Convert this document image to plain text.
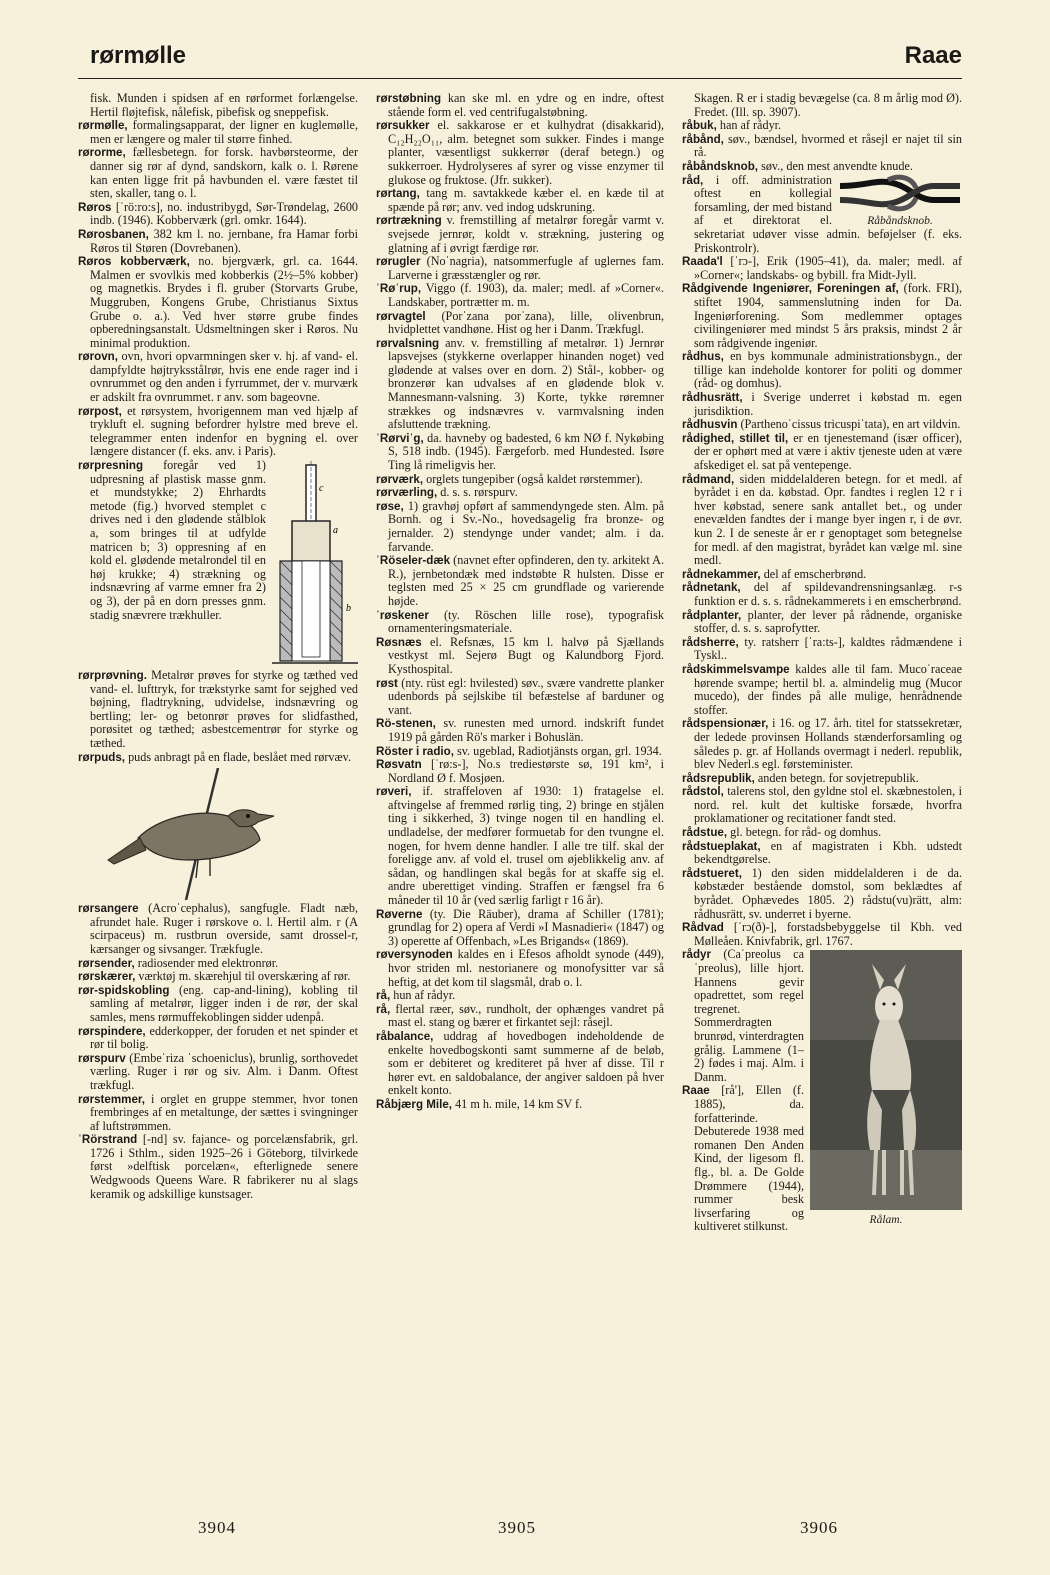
rørmølle	Raae

fisk. Munden i spidsen af en rørformet forlængelse. Hertil fløjtefisk, nålefisk, pibefisk og sneppefisk.

rørmølle, formalingsapparat, der ligner en kuglemølle, men er længere og maler til større finhed.

rørorme, fællesbetegn. for forsk. havbørsteorme, der danner sig rør af dynd, sandskorn, kalk o. l. Rørene kan enten ligge frit på havbunden el. være fæstet til sten, skaller, tang o. l.

Røros [ˈrö:ro:s], no. industribygd, Sør-Trøndelag, 2600 indb. (1946). Kobberværk (grl. omkr. 1644).

Rørosbanen, 382 km l. no. jernbane, fra Hamar forbi Røros til Støren (Dovrebanen).

Røros kobberværk, no. bjergværk, grl. ca. 1644. Malmen er svovlkis med kobberkis (2½–5% kobber) og magnetkis. Brydes i fl. gruber (Storvarts Grube, Muggruben, Kongens Grube, Christianus Sixtus Grube o. a.). Ved hver større grube findes opberedningsanstalt. Udsmeltningen sker i Røros. Nu minimal produktion.

rørovn, ovn, hvori opvarmningen sker v. hj. af vand- el. dampfyldte højtryksstålrør, hvis ene ende rager ind i ovnrummet og den anden i fyrrummet, der v. murværk er adskilt fra ovnrummet. r anv. som bageovne.

rørpost, et rørsystem, hvorigennem man ved hjælp af trykluft el. sugning befordrer hylstre med breve el. telegrammer enten indenfor en bygning el. over længere distancer (f. eks. anv. i Paris).

c
a
b

rørpresning foregår ved 1) udpresning af plastisk masse gnm. et mundstykke; 2) Ehrhardts metode (fig.) hvorved stemplet c drives ned i den glødende stålblok a, som bringes til at udfylde matricen b; 3) oppresning af en kold el. glødende metalrondel til en høj krukke; 4) strækning og indsnævring af varme emner fra 2) og 3), der på en dorn presses gnm. stadig snævrere trækhuller.

rørprøvning. Metalrør prøves for styrke og tæthed ved vand- el. lufttryk, for trækstyrke samt for sejghed ved bøjning, fladtrykning, udvidelse, indsnævring og bertling; ler- og betonrør prøves for slidfasthed, porøsitet og tæthed; asbestcementrør for styrke og tæthed.

rørpuds, puds anbragt på en flade, beslået med rørvæv.

rørsangere (Acroˈcephalus), sangfugle. Fladt næb, afrundet hale. Ruger i rørskove o. l. Hertil alm. r (A scirpaceus) m. rustbrun overside, samt drossel-r, kærsanger og sivsanger. Trækfugle.

rørsender, radiosender med elektronrør.

rørskærer, værktøj m. skærehjul til overskæring af rør.

rør-spidskobling (eng. cap-and-lining), kobling til samling af metalrør, ligger inden i de rør, der skal samles, mens rørmuffekoblingen sidder udenpå.

rørspindere, edderkopper, der foruden et net spinder et rør til bolig.

rørspurv (Embeˈriza ˈschoeniclus), brunlig, sorthovedet værling. Ruger i rør og siv. Alm. i Danm. Oftest trækfugl.

rørstemmer, i orglet en gruppe stemmer, hvor tonen frembringes af en metaltunge, der sættes i svingninger af luftstrømmen.

ˈRörstrand [-nd] sv. fajance- og porcelænsfabrik, grl. 1726 i Sthlm., siden 1925–26 i Göteborg, tilvirkede først »delftisk porcelæn«, efterlignede senere Wedgwoods Queens Ware. R fabrikerer nu al slags keramik og adskillige kunstsager.

rørstøbning kan ske ml. en ydre og en indre, oftest stående form el. ved centrifugalstøbning.

rørsukker el. sakkarose er et kulhydrat (disakkarid), C₁₂H₂₂O₁₁, alm. betegnet som sukker. Findes i mange planter, væsentligst sukkerrør (deraf betegn.) og sukkerroer. Hydrolyseres af syrer og visse enzymer til glukose og fruktose. (Jfr. sukker).

rørtang, tang m. savtakkede kæber el. en kæde til at spænde på rør; anv. ved indog udskruning.

rørtrækning v. fremstilling af metalrør foregår varmt v. svejsede jernrør, koldt v. strækning, justering og glatning af i øvrigt færdige rør.

rørugler (Noˈnagria), natsommerfugle af uglernes fam. Larverne i græsstængler og rør.

ˈRøˈrup, Viggo (f. 1903), da. maler; medl. af »Corner«. Landskaber, portrætter m. m.

rørvagtel (Porˈzana porˈzana), lille, olivenbrun, hvidplettet vandhøne. Hist og her i Danm. Trækfugl.

rørvalsning anv. v. fremstilling af metalrør. 1) Jernrør lapsvejses (stykkerne overlapper hinanden noget) ved glødende at valses over en dorn. 2) Stål-, kobber- og bronzerør kan udvalses af en glødende blok v. Mannesmann-valsning. 3) Korte, tykke røremner strækkes og indsnævres v. varmvalsning inden afsluttende trækning.

ˈRørviˈg, da. havneby og badested, 6 km NØ f. Nykøbing S, 518 indb. (1945). Færgeforb. med Hundested. Isøre Ting lå rimeligvis her.

rørværk, orglets tungepiber (også kaldet rørstemmer).

rørværling, d. s. s. rørspurv.

røse, 1) gravhøj opført af sammendyngede sten. Alm. på Bornh. og i Sv.-No., hovedsagelig fra bronze- og jernalder. 2) stendynge under vandet; alm. i da. farvande.

ˈRöseler-dæk (navnet efter opfinderen, den ty. arkitekt A. R.), jernbetondæk med indstøbte R hulsten. Disse er teglsten med 25 × 25 cm grundflade og varierende højde.

ˈrøskener (ty. Röschen lille rose), typografisk ornamenteringsmateriale.

Røsnæs el. Refsnæs, 15 km l. halvø på Sjællands vestkyst ml. Sejerø Bugt og Kalundborg Fjord. Kysthospital.

røst (nty. rüst egl: hvilested) søv., svære vandrette planker udenbords på sejlskibe til befæstelse af barduner og vant.

Rö-stenen, sv. runesten med urnord. indskrift fundet 1919 på gården Rö's marker i Bohuslän.

Röster i radio, sv. ugeblad, Radiotjänsts organ, grl. 1934.

Røsvatn [ˈrø:s-], No.s trediestørste sø, 191 km², i Nordland Ø f. Mosjøen.

røveri, if. straffeloven af 1930: 1) fratagelse el. aftvingelse af fremmed rørlig ting, 2) bringe en stjålen ting i sikkerhed, 3) tvinge nogen til en handling el. undladelse, der medfører formuetab for den tvungne el. nogen, for hvem denne handler. I alle tre tilf. skal der foreligge anv. af vold el. trusel om øjeblikkelig anv. af sådan, og handlingen skal begås for at skaffe sig el. andre uberettiget vinding. Straffen er fængsel fra 6 måneder til 10 år (ved særlig farligt r 16 år).

Røverne (ty. Die Räuber), drama af Schiller (1781); grundlag for 2) opera af Verdi »I Masnadieri« (1847) og 3) operette af Offenbach, »Les Brigands« (1869).

røversynoden kaldes en i Efesos afholdt synode (449), hvor striden ml. nestorianere og monofysitter var så heftig, at det kom til slagsmål, drab o. l.

rå, hun af rådyr.

rå, flertal ræer, søv., rundholt, der ophænges vandret på mast el. stang og bærer et firkantet sejl: råsejl.

råbalance, uddrag af hovedbogen indeholdende de enkelte hovedbogskonti samt summerne af de beløb, som er debiteret og krediteret på hver af disse. Til r hører evt. en saldobalance, der angiver saldoen på hver enkelt konto.

Råbjærg Mile, 41 m h. mile, 14 km SV f.

Skagen. R er i stadig bevægelse (ca. 8 m årlig mod Ø). Fredet. (Ill. sp. 3907).

råbuk, han af rådyr.

råbånd, søv., bændsel, hvormed et råsejl er najet til sin rå.

råbåndsknob, søv., den mest anvendte knude.

Råbåndsknob.

råd, i off. administration oftest en kollegial forsamling, der med bistand af et direktorat el. sekretariat udøver visse admin. beføjelser (f. eks. Priskontrolr).

Raada'l [ˈrɔ-], Erik (1905–41), da. maler; medl. af »Corner«; landskabs- og bybill. fra Midt-Jyll.

Rådgivende Ingeniører, Foreningen af, (fork. FRI), stiftet 1904, sammenslutning inden for Da. Ingeniørforening. Som medlemmer optages civilingeniører med mindst 5 års praksis, mindst 2 år som rådgivende ingeniør.

rådhus, en bys kommunale administrationsbygn., der tillige kan indeholde kontorer for politi og dommer (råd- og domhus).

rådhusrätt, i Sverige underret i købstad m. egen jurisdiktion.

rådhusvin (Parthenoˈcissus tricuspiˈtata), en art vildvin.

rådighed, stillet til, er en tjenestemand (især officer), der er ophørt med at være i aktiv tjeneste uden at være afskediget el. sat på ventepenge.

rådmand, siden middelalderen betegn. for et medl. af byrådet i en da. købstad. Opr. fandtes i reglen 12 r i hver købstad, senere sank antallet bet., og under enevælden fandtes der i mange byer ingen r, i de øvr. kun 2. I de seneste år er r genoptaget som betegnelse for medl. af den magistrat, byrådet kan vælge ml. sine medl.

rådnekammer, del af emscherbrønd.

rådnetank, del af spildevandrensningsanlæg. r-s funktion er d. s. s. rådnekammerets i en emscherbrønd.

rådplanter, planter, der lever på rådnende, organiske stoffer, d. s. s. saprofytter.

rådsherre, ty. ratsherr [ˈra:ts-], kaldtes rådmændene i Tyskl..

rådskimmelsvampe kaldes alle til fam. Mucoˈraceae hørende svampe; hertil bl. a. almindelig mug (Mucor mucedo), der findes på alle mulige, henrådnende stoffer.

rådspensionær, i 16. og 17. årh. titel for statssekretær, der ledede provinsen Hollands stænderforsamling og således p. gr. af Hollands overmagt i nederl. republik, blev Nederl.s egl. førsteminister.

rådsrepublik, anden betegn. for sovjetrepublik.

rådstol, talerens stol, den gyldne stol el. skæbnestolen, i nord. rel. kult det kultiske forsæde, hvorfra proklamationer og recitationer fandt sted.

rådstue, gl. betegn. for råd- og domhus.

rådstueplakat, en af magistraten i Kbh. udstedt bekendtgørelse.

rådstueret, 1) den siden middelalderen i de da. købstæder bestående domstol, som beklædtes af byrådet. Ophævedes 1805. 2) rådstu(vu)rätt, alm: rådhusrätt, sv. underret i byerne.

Rådvad [ˈrɔ(ð)-], forstadsbebyggelse til Kbh. ved Mølleåen. Knivfabrik, grl. 1767.

Rålam.

rådyr (Caˈpreolus caˈpreolus), lille hjort. Hannens gevir opadrettet, som regel tregrenet. Sommerdragten brunrød, vinterdragten grålig. Lammene (1–2) fødes i maj. Alm. i Danm.

Raae [rå'], Ellen (f. 1885), da. forfatterinde. Debuterede 1938 med romanen Den Anden Kind, der ligesom fl. flg., bl. a. De Golde Drømmere (1944), rummer besk livserfaring og kultiveret stilkunst.

3904	3905	3906
